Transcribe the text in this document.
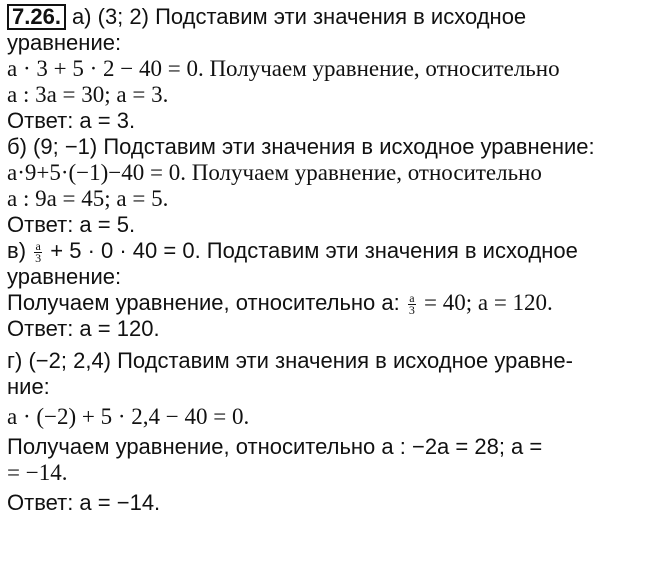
7.26. а) (3; 2) Подставим эти значения в исходное
уравнение:
a · 3 + 5 · 2 − 40 = 0. Получаем уравнение, относительно
a : 3a = 30; a = 3.
Ответ: a = 3.
б) (9; −1) Подставим эти значения в исходное уравнение:
a·9+5·(−1)−40 = 0. Получаем уравнение, относительно
a : 9a = 45; a = 5.
Ответ: a = 5.
$в) \frac{a}{3} + 5 \cdot 0 \cdot 40 = 0$. Подставим эти значения в исходное
уравнение:
Получаем уравнение, относительно a: $\frac{a}{3} = 40$; a = 120.
Ответ: a = 120.
г) (−2; 2,4) Подставим эти значения в исходное уравне-
ние:
a · (−2) + 5 · 2,4 − 40 = 0.
Получаем уравнение, относительно a : −2a = 28; a =
= −14.
Ответ: a = −14.
